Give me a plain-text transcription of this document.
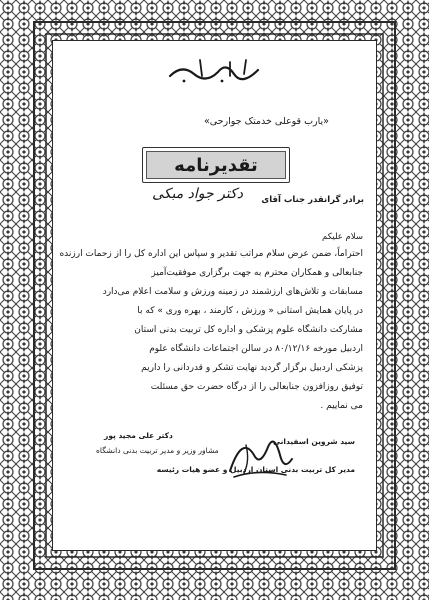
«یارب قوعلی خدمتک جوارحی»
تقدیرنامه
دکتر جواد مبکی برادر گرانقدر جناب آقای
سلام علیکم
احتراماً، ضمن عرض سلام مراتب تقدیر و سپاس این اداره کل را از زحمات ارزنده
جنابعالی و همکاران محترم به جهت برگزاری موفقیت‌آمیز
مسابقات و تلاش‌های ارزشمند در زمینه ورزش و سلامت اعلام می‌دارد
در پایان همایش استانی « ورزش ، کارمند ، بهره وری » که با
مشارکت دانشگاه علوم پزشکی و اداره کل تربیت بدنی استان
اردبیل مورخه ۸۰/۱۲/۱۶ در سالن اجتماعات دانشگاه علوم
پزشکی اردبیل برگزار گردید نهایت تشکر و قدردانی را داریم
توفیق روزافزون جنابعالی را از درگاه حضرت حق مسئلت
می نماییم .
سید شروین اسفیدانی
مدیر کل تربیت بدنی استان اردبیل و عضو هیات رئیسه
دکتر علی مجید پور
مشاور وزیر و مدیر تربیت بدنی دانشگاه
